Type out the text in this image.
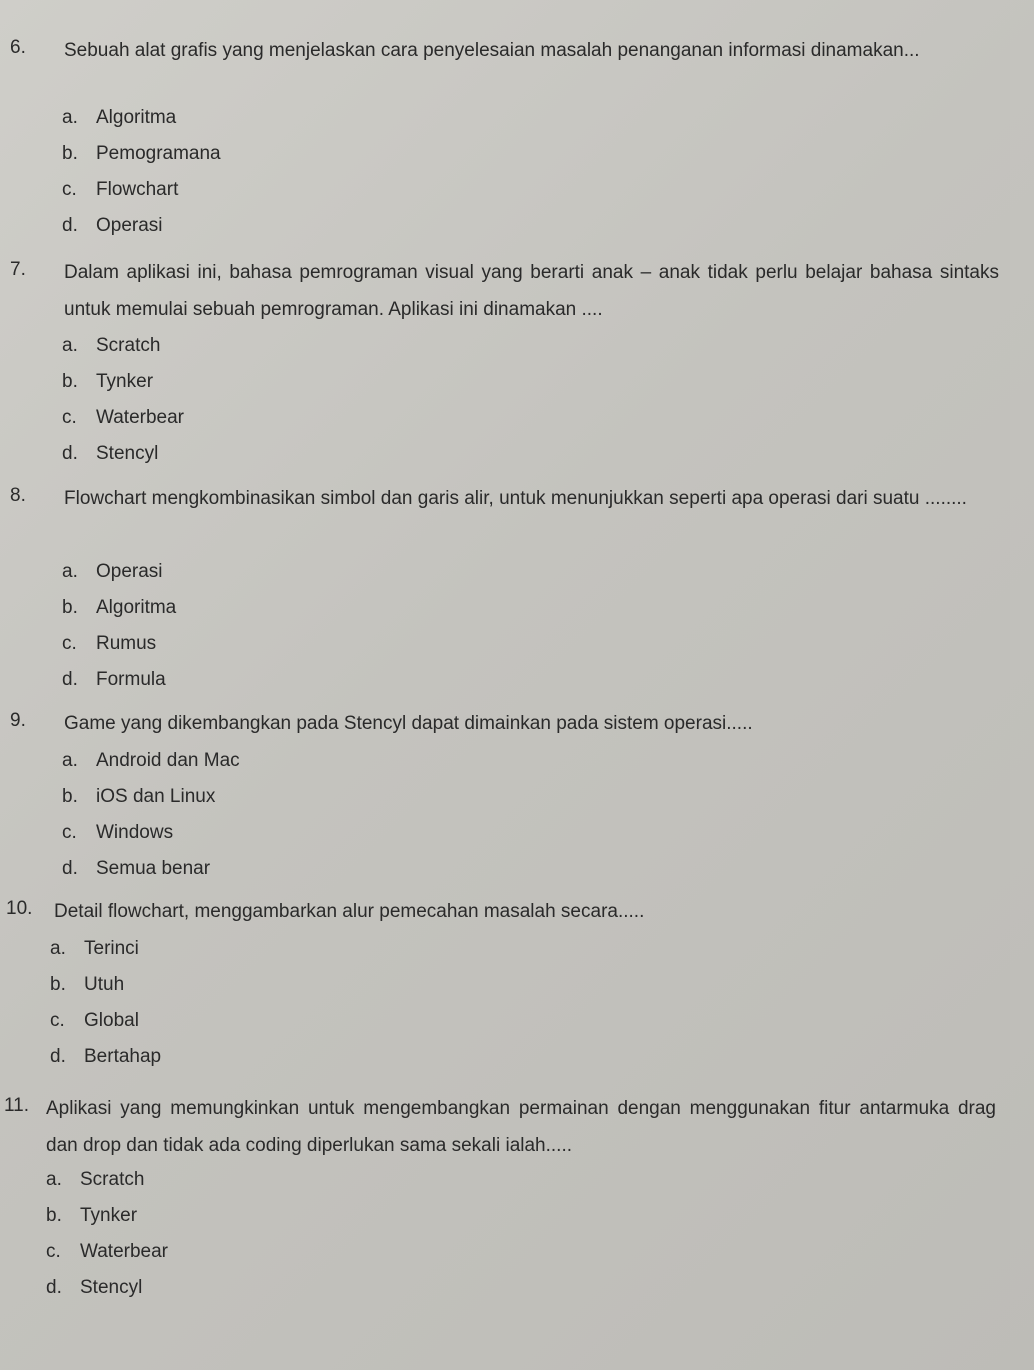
6. Sebuah alat grafis yang menjelaskan cara penyelesaian masalah penanganan informasi dinamakan...
a. Algoritma
b. Pemogramana
c. Flowchart
d. Operasi
7. Dalam aplikasi ini, bahasa pemrograman visual yang berarti anak – anak tidak perlu belajar bahasa sintaks untuk memulai sebuah pemrograman. Aplikasi ini dinamakan ....
a. Scratch
b. Tynker
c. Waterbear
d. Stencyl
8. Flowchart mengkombinasikan simbol dan garis alir, untuk menunjukkan seperti apa operasi dari suatu ........
a. Operasi
b. Algoritma
c. Rumus
d. Formula
9. Game yang dikembangkan pada Stencyl dapat dimainkan pada sistem operasi.....
a. Android dan Mac
b. iOS dan Linux
c. Windows
d. Semua benar
10. Detail flowchart, menggambarkan alur pemecahan masalah secara.....
a. Terinci
b. Utuh
c. Global
d. Bertahap
11. Aplikasi yang memungkinkan untuk mengembangkan permainan dengan menggunakan fitur antarmuka drag dan drop dan tidak ada coding diperlukan sama sekali ialah.....
a. Scratch
b. Tynker
c. Waterbear
d. Stencyl
